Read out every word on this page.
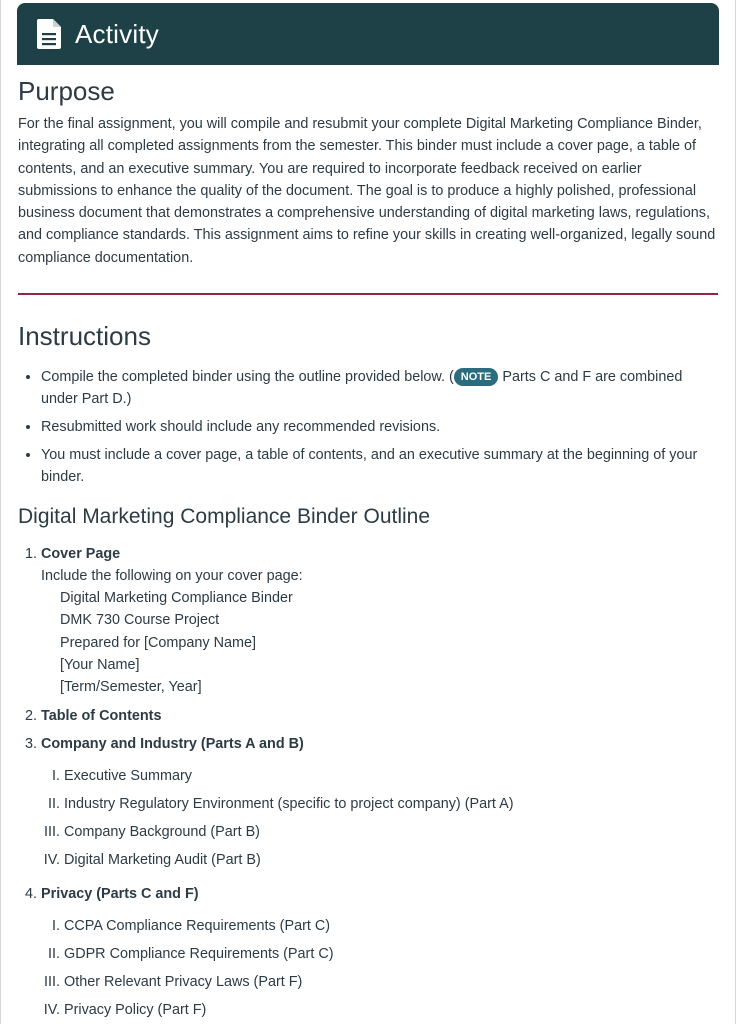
Activity
Purpose

For the final assignment, you will compile and resubmit your complete Digital Marketing Compliance Binder, integrating all completed assignments from the semester. This binder must include a cover page, a table of contents, and an executive summary. You are required to incorporate feedback received on earlier submissions to enhance the quality of the document. The goal is to produce a highly polished, professional business document that demonstrates a comprehensive understanding of digital marketing laws, regulations, and compliance standards. This assignment aims to refine your skills in creating well-organized, legally sound compliance documentation.

Instructions
• Compile the completed binder using the outline provided below. ( NOTE Parts C and F are combined under Part D.)
• Resubmitted work should include any recommended revisions.
• You must include a cover page, a table of contents, and an executive summary at the beginning of your binder.
Digital Marketing Compliance Binder Outline
1. Cover Page
Include the following on your cover page:
Digital Marketing Compliance Binder
DMK 730 Course Project
Prepared for [Company Name]
[Your Name]
[Term/Semester, Year]
2. Table of Contents
3. Company and Industry (Parts A and B)
I. Executive Summary
II. Industry Regulatory Environment (specific to project company) (Part A)
III. Company Background (Part B)
IV. Digital Marketing Audit (Part B)
4. Privacy (Parts C and F)
I. CCPA Compliance Requirements (Part C)
II. GDPR Compliance Requirements (Part C)
III. Other Relevant Privacy Laws (Part F)
IV. Privacy Policy (Part F)
